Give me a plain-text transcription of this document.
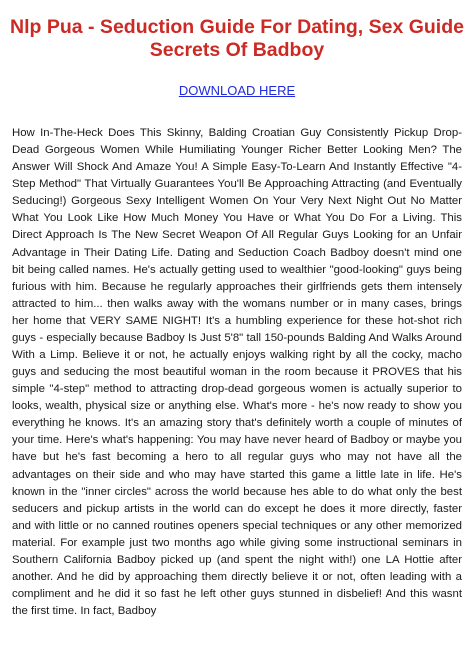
Nlp Pua - Seduction Guide For Dating, Sex Guide Secrets Of Badboy
DOWNLOAD HERE

How In-The-Heck Does This Skinny, Balding Croatian Guy Consistently Pickup Drop-Dead Gorgeous Women While Humiliating Younger Richer Better Looking Men? The Answer Will Shock And Amaze You! A Simple Easy-To-Learn And Instantly Effective "4-Step Method" That Virtually Guarantees You'll Be Approaching Attracting (and Eventually Seducing!) Gorgeous Sexy Intelligent Women On Your Very Next Night Out No Matter What You Look Like How Much Money You Have or What You Do For a Living. This Direct Approach Is The New Secret Weapon Of All Regular Guys Looking for an Unfair Advantage in Their Dating Life. Dating and Seduction Coach Badboy doesn't mind one bit being called names. He's actually getting used to wealthier "good-looking" guys being furious with him. Because he regularly approaches their girlfriends gets them intensely attracted to him... then walks away with the womans number or in many cases, brings her home that VERY SAME NIGHT! It's a humbling experience for these hot-shot rich guys - especially because Badboy Is Just 5'8" tall 150-pounds Balding And Walks Around With a Limp. Believe it or not, he actually enjoys walking right by all the cocky, macho guys and seducing the most beautiful woman in the room because it PROVES that his simple "4-step" method to attracting drop-dead gorgeous women is actually superior to looks, wealth, physical size or anything else. What's more - he's now ready to show you everything he knows. It's an amazing story that's definitely worth a couple of minutes of your time. Here's what's happening: You may have never heard of Badboy or maybe you have but he's fast becoming a hero to all regular guys who may not have all the advantages on their side and who may have started this game a little late in life. He's known in the "inner circles" across the world because hes able to do what only the best seducers and pickup artists in the world can do except he does it more directly, faster and with little or no canned routines openers special techniques or any other memorized material. For example just two months ago while giving some instructional seminars in Southern California Badboy picked up (and spent the night with!) one LA Hottie after another. And he did by approaching them directly believe it or not, often leading with a compliment and he did it so fast he left other guys stunned in disbelief! And this wasnt the first time. In fact, Badboy
